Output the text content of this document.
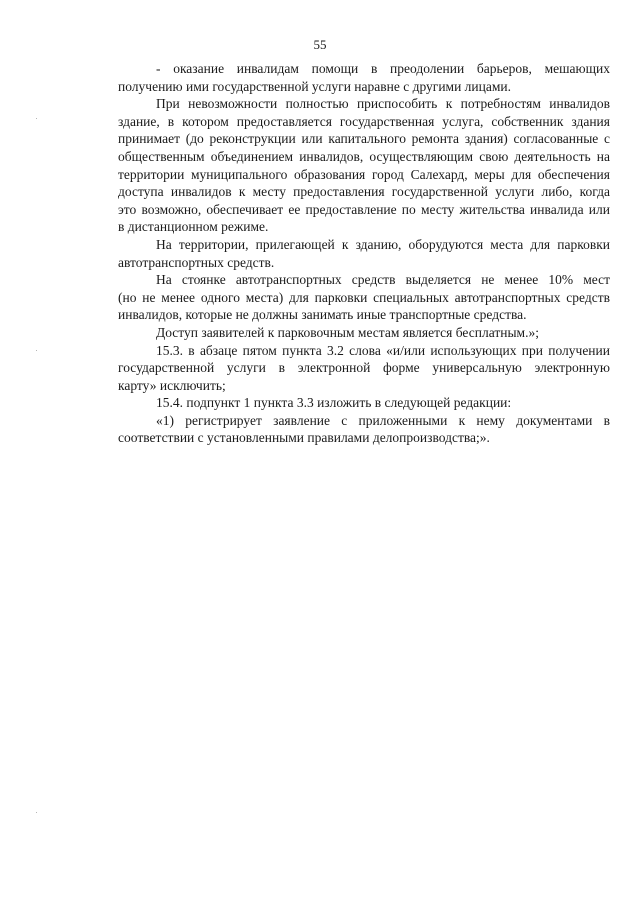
55
- оказание инвалидам помощи в преодолении барьеров, мешающих
получению ими государственной услуги наравне с другими лицами.
При невозможности полностью приспособить к потребностям инвалидов
здание, в котором предоставляется государственная услуга, собственник здания
принимает (до реконструкции или капитального ремонта здания) согласованные с
общественным объединением инвалидов, осуществляющим свою деятельность на
территории муниципального образования город Салехард, меры для обеспечения
доступа инвалидов к месту предоставления государственной услуги либо, когда
это возможно, обеспечивает ее предоставление по месту жительства инвалида или
в дистанционном режиме.
На территории, прилегающей к зданию, оборудуются места для парковки
автотранспортных средств.
На стоянке автотранспортных средств выделяется не менее 10% мест
(но не менее одного места) для парковки специальных автотранспортных средств
инвалидов, которые не должны занимать иные транспортные средства.
Доступ заявителей к парковочным местам является бесплатным.»;
15.3. в абзаце пятом пункта 3.2 слова «и/или использующих при получении
государственной услуги в электронной форме универсальную электронную
карту» исключить;
15.4. подпункт 1 пункта 3.3 изложить в следующей редакции:
«1) регистрирует заявление с приложенными к нему документами в
соответствии с установленными правилами делопроизводства;».
